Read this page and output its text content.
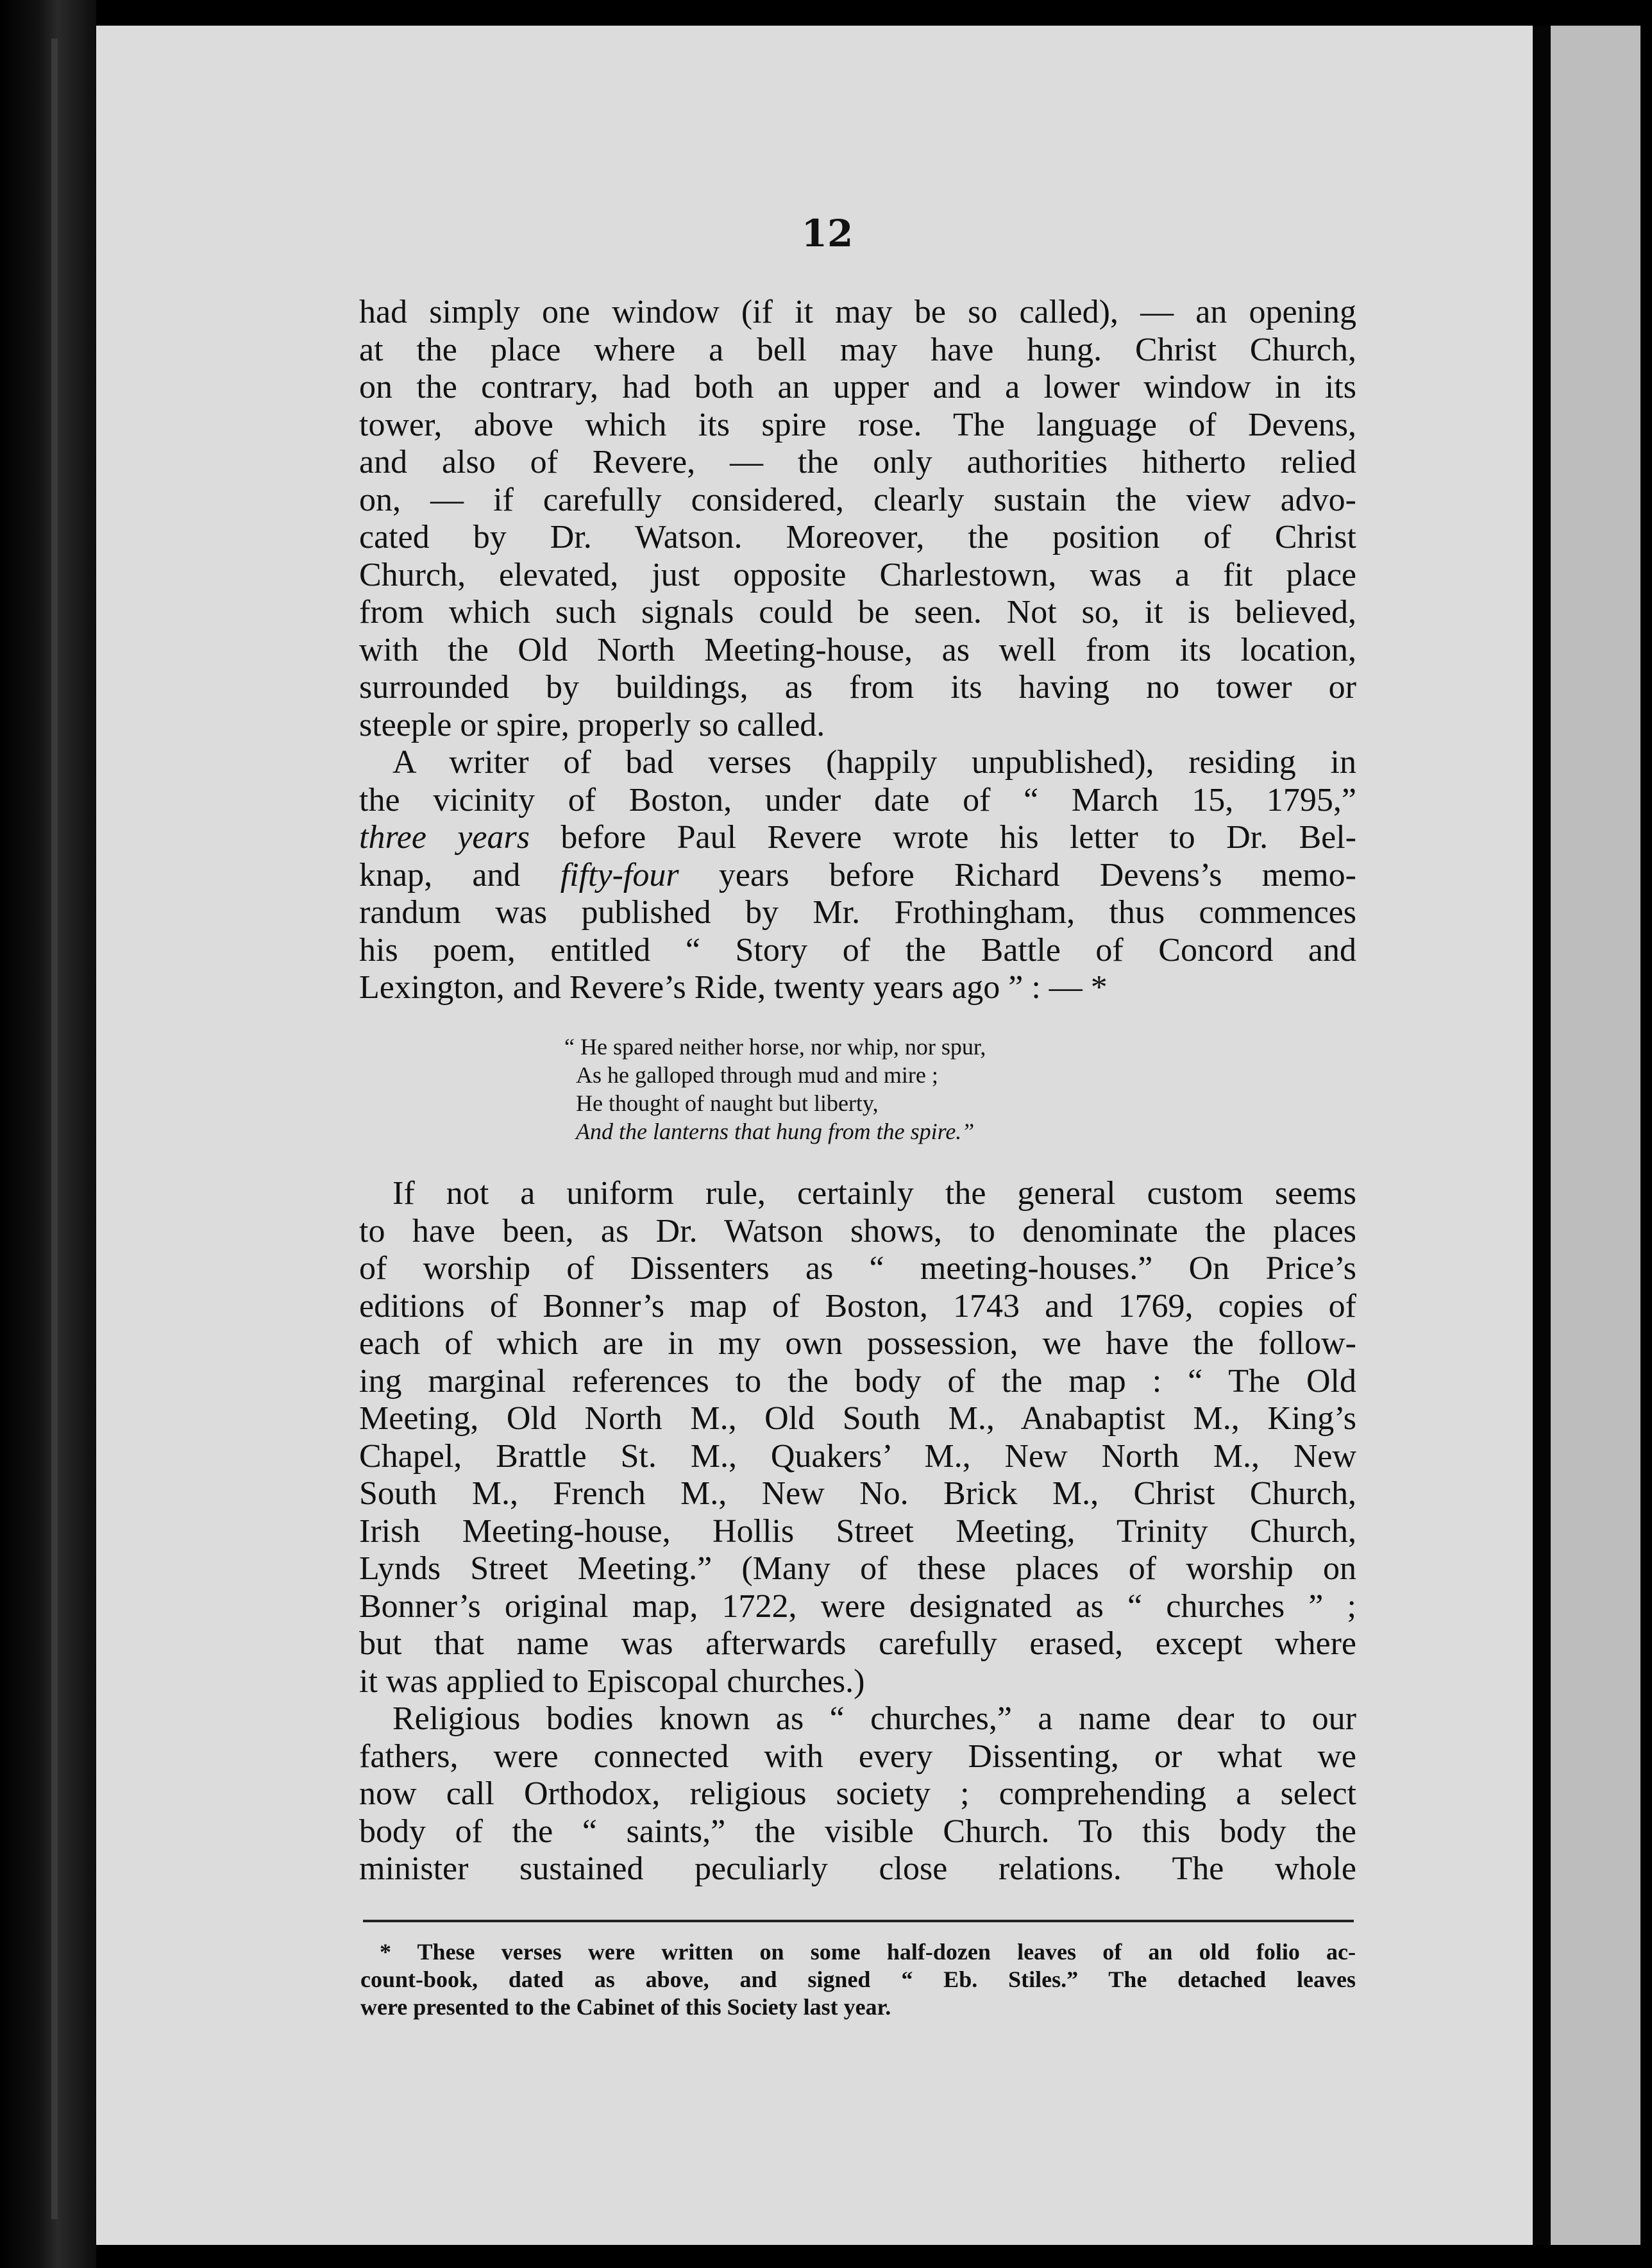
12
had simply one window (if it may be so called), — an opening
at the place where a bell may have hung. Christ Church,
on the contrary, had both an upper and a lower window in its
tower, above which its spire rose. The language of Devens,
and also of Revere, — the only authorities hitherto relied
on, — if carefully considered, clearly sustain the view advo-
cated by Dr. Watson. Moreover, the position of Christ
Church, elevated, just opposite Charlestown, was a fit place
from which such signals could be seen. Not so, it is believed,
with the Old North Meeting-house, as well from its location,
surrounded by buildings, as from its having no tower or
steeple or spire, properly so called.
A writer of bad verses (happily unpublished), residing in
the vicinity of Boston, under date of “ March 15, 1795,”
three years before Paul Revere wrote his letter to Dr. Bel-
knap, and fifty-four years before Richard Devens’s memo-
randum was published by Mr. Frothingham, thus commences
his poem, entitled “ Story of the Battle of Concord and
Lexington, and Revere’s Ride, twenty years ago ” : — *
“ He spared neither horse, nor whip, nor spur,
As he galloped through mud and mire ;
He thought of naught but liberty,
And the lanterns that hung from the spire.”
If not a uniform rule, certainly the general custom seems
to have been, as Dr. Watson shows, to denominate the places
of worship of Dissenters as “ meeting-houses.” On Price’s
editions of Bonner’s map of Boston, 1743 and 1769, copies of
each of which are in my own possession, we have the follow-
ing marginal references to the body of the map : “ The Old
Meeting, Old North M., Old South M., Anabaptist M., King’s
Chapel, Brattle St. M., Quakers’ M., New North M., New
South M., French M., New No. Brick M., Christ Church,
Irish Meeting-house, Hollis Street Meeting, Trinity Church,
Lynds Street Meeting.” (Many of these places of worship on
Bonner’s original map, 1722, were designated as “ churches ” ;
but that name was afterwards carefully erased, except where
it was applied to Episcopal churches.)
Religious bodies known as “ churches,” a name dear to our
fathers, were connected with every Dissenting, or what we
now call Orthodox, religious society ; comprehending a select
body of the “ saints,” the visible Church. To this body the
minister sustained peculiarly close relations. The whole
* These verses were written on some half-dozen leaves of an old folio ac-
count-book, dated as above, and signed “ Eb. Stiles.” The detached leaves
were presented to the Cabinet of this Society last year.
